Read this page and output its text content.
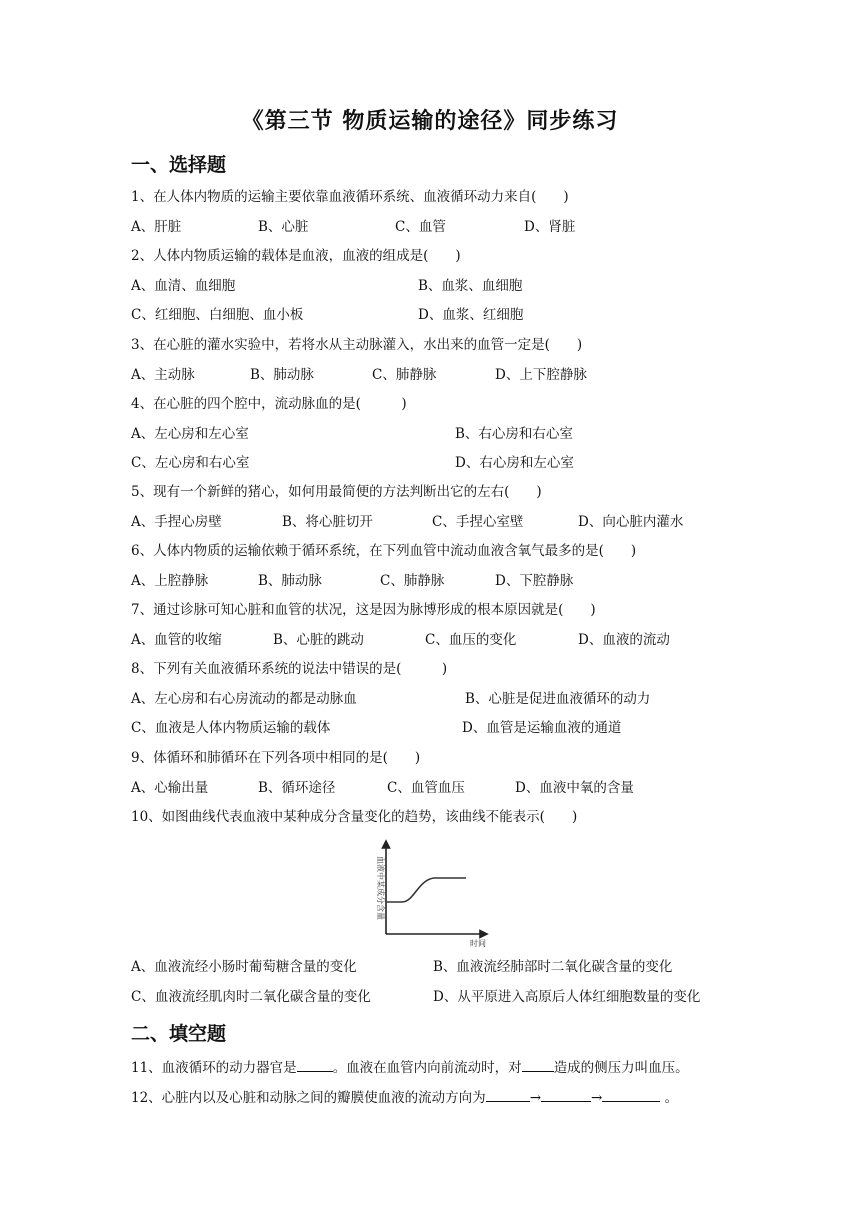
《第三节 物质运输的途径》同步练习
一、选择题
1、在人体内物质的运输主要依靠血液循环系统、血液循环动力来自(　　)
A、肝脏	B、心脏	C、血管	D、肾脏
2、人体内物质运输的载体是血液，血液的组成是(　　)
A、血清、血细胞	B、血浆、血细胞
C、红细胞、白细胞、血小板	D、血浆、红细胞
3、在心脏的灌水实验中，若将水从主动脉灌入，水出来的血管一定是(　　)
A、主动脉	B、肺动脉	C、肺静脉	D、上下腔静脉
4、在心脏的四个腔中，流动脉血的是(　　　)
A、左心房和左心室	B、右心房和右心室
C、左心房和右心室	D、右心房和左心室
5、现有一个新鲜的猪心，如何用最简便的方法判断出它的左右(　　)
A、手捏心房壁	B、将心脏切开	C、手捏心室壁	D、向心脏内灌水
6、人体内物质的运输依赖于循环系统，在下列血管中流动血液含氧气最多的是(　　)
A、上腔静脉	B、肺动脉	C、肺静脉	D、下腔静脉
7、通过诊脉可知心脏和血管的状况，这是因为脉博形成的根本原因就是(　　)
A、血管的收缩	B、心脏的跳动	C、血压的变化	D、血液的流动
8、下列有关血液循环系统的说法中错误的是(　　　)
A、左心房和右心房流动的都是动脉血	B、心脏是促进血液循环的动力
C、血液是人体内物质运输的载体	D、血管是运输血液的通道
9、体循环和肺循环在下列各项中相同的是(　　)
A、心输出量	B、循环途径	C、血管血压	D、血液中氧的含量
10、如图曲线代表血液中某种成分含量变化的趋势，该曲线不能表示(　　)
血液中某成分含量
时间
A、血液流经小肠时葡萄糖含量的变化	B、血液流经肺部时二氧化碳含量的变化
C、血液流经肌肉时二氧化碳含量的变化	D、从平原进入高原后人体红细胞数量的变化
二、填空题
11、血液循环的动力器官是	。血液在血管内向前流动时，对 造成的侧压力叫血压。
12、心脏内以及心脏和动脉之间的瓣膜使血液的流动方向为	→	→	。
